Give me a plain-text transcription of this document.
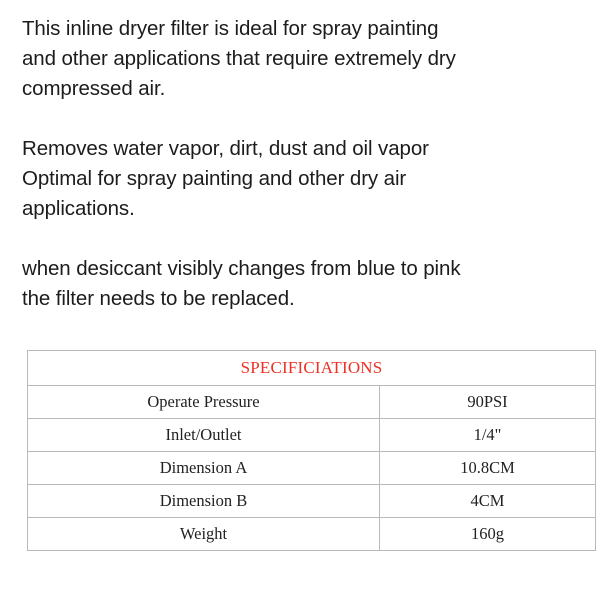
This inline dryer filter is ideal for spray painting
and other applications that require extremely dry
compressed air.

Removes water vapor, dirt, dust and oil vapor
Optimal for spray painting and other dry air
applications.

when desiccant visibly changes from blue to pink
the filter needs to be replaced.

SPECIFICIATIONS	
Operate Pressure	90PSI
Inlet/Outlet	1/4"
Dimension A	10.8CM
Dimension B	4CM
Weight	160g
